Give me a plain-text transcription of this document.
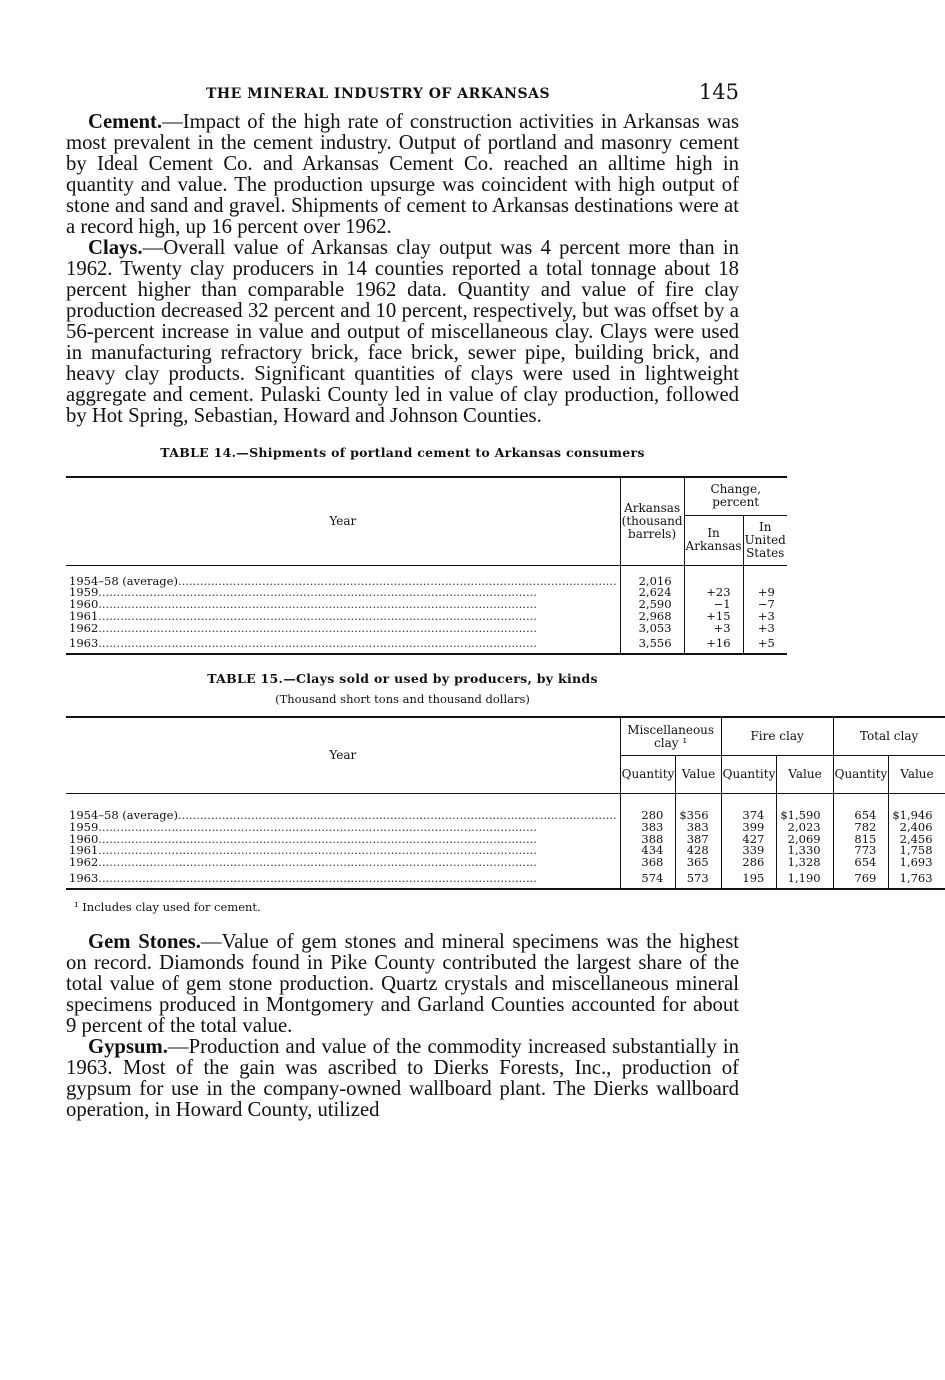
THE MINERAL INDUSTRY OF ARKANSAS	145

Cement.—Impact of the high rate of construction activities in Arkansas was most prevalent in the cement industry. Output of portland and masonry cement by Ideal Cement Co. and Arkansas Cement Co. reached an alltime high in quantity and value. The production upsurge was coincident with high output of stone and sand and gravel. Shipments of cement to Arkansas destinations were at a record high, up 16 percent over 1962.

Clays.—Overall value of Arkansas clay output was 4 percent more than in 1962. Twenty clay producers in 14 counties reported a total tonnage about 18 percent higher than comparable 1962 data. Quantity and value of fire clay production decreased 32 percent and 10 percent, respectively, but was offset by a 56-percent increase in value and output of miscellaneous clay. Clays were used in manufacturing refractory brick, face brick, sewer pipe, building brick, and heavy clay products. Significant quantities of clays were used in lightweight aggregate and cement. Pulaski County led in value of clay production, followed by Hot Spring, Sebastian, Howard and Johnson Counties.

TABLE 14.—Shipments of portland cement to Arkansas consumers

Year	Arkansas (thousand barrels)	Change, percent	
		In Arkansas	In United States
1954–58 (average)........................................................................................................................	2,016		
1959........................................................................................................................	2,624	+23	+9
1960........................................................................................................................	2,590	−1	−7
1961........................................................................................................................	2,968	+15	+3
1962........................................................................................................................	3,053	+3	+3
1963........................................................................................................................	3,556	+16	+5

TABLE 15.—Clays sold or used by producers, by kinds

(Thousand short tons and thousand dollars)

Year	Miscellaneous clay ¹		Fire clay		Total clay	
	Quantity	Value	Quantity	Value	Quantity	Value
1954–58 (average)........................................................................................................................	280	$356	374	$1,590	654	$1,946
1959........................................................................................................................	383	383	399	2,023	782	2,406
1960........................................................................................................................	388	387	427	2,069	815	2,456
1961........................................................................................................................	434	428	339	1,330	773	1,758
1962........................................................................................................................	368	365	286	1,328	654	1,693
1963........................................................................................................................	574	573	195	1,190	769	1,763

¹ Includes clay used for cement.

Gem Stones.—Value of gem stones and mineral specimens was the highest on record. Diamonds found in Pike County contributed the largest share of the total value of gem stone production. Quartz crystals and miscellaneous mineral specimens produced in Montgomery and Garland Counties accounted for about 9 percent of the total value.

Gypsum.—Production and value of the commodity increased substantially in 1963. Most of the gain was ascribed to Dierks Forests, Inc., production of gypsum for use in the company-owned wallboard plant. The Dierks wallboard operation, in Howard County, utilized
